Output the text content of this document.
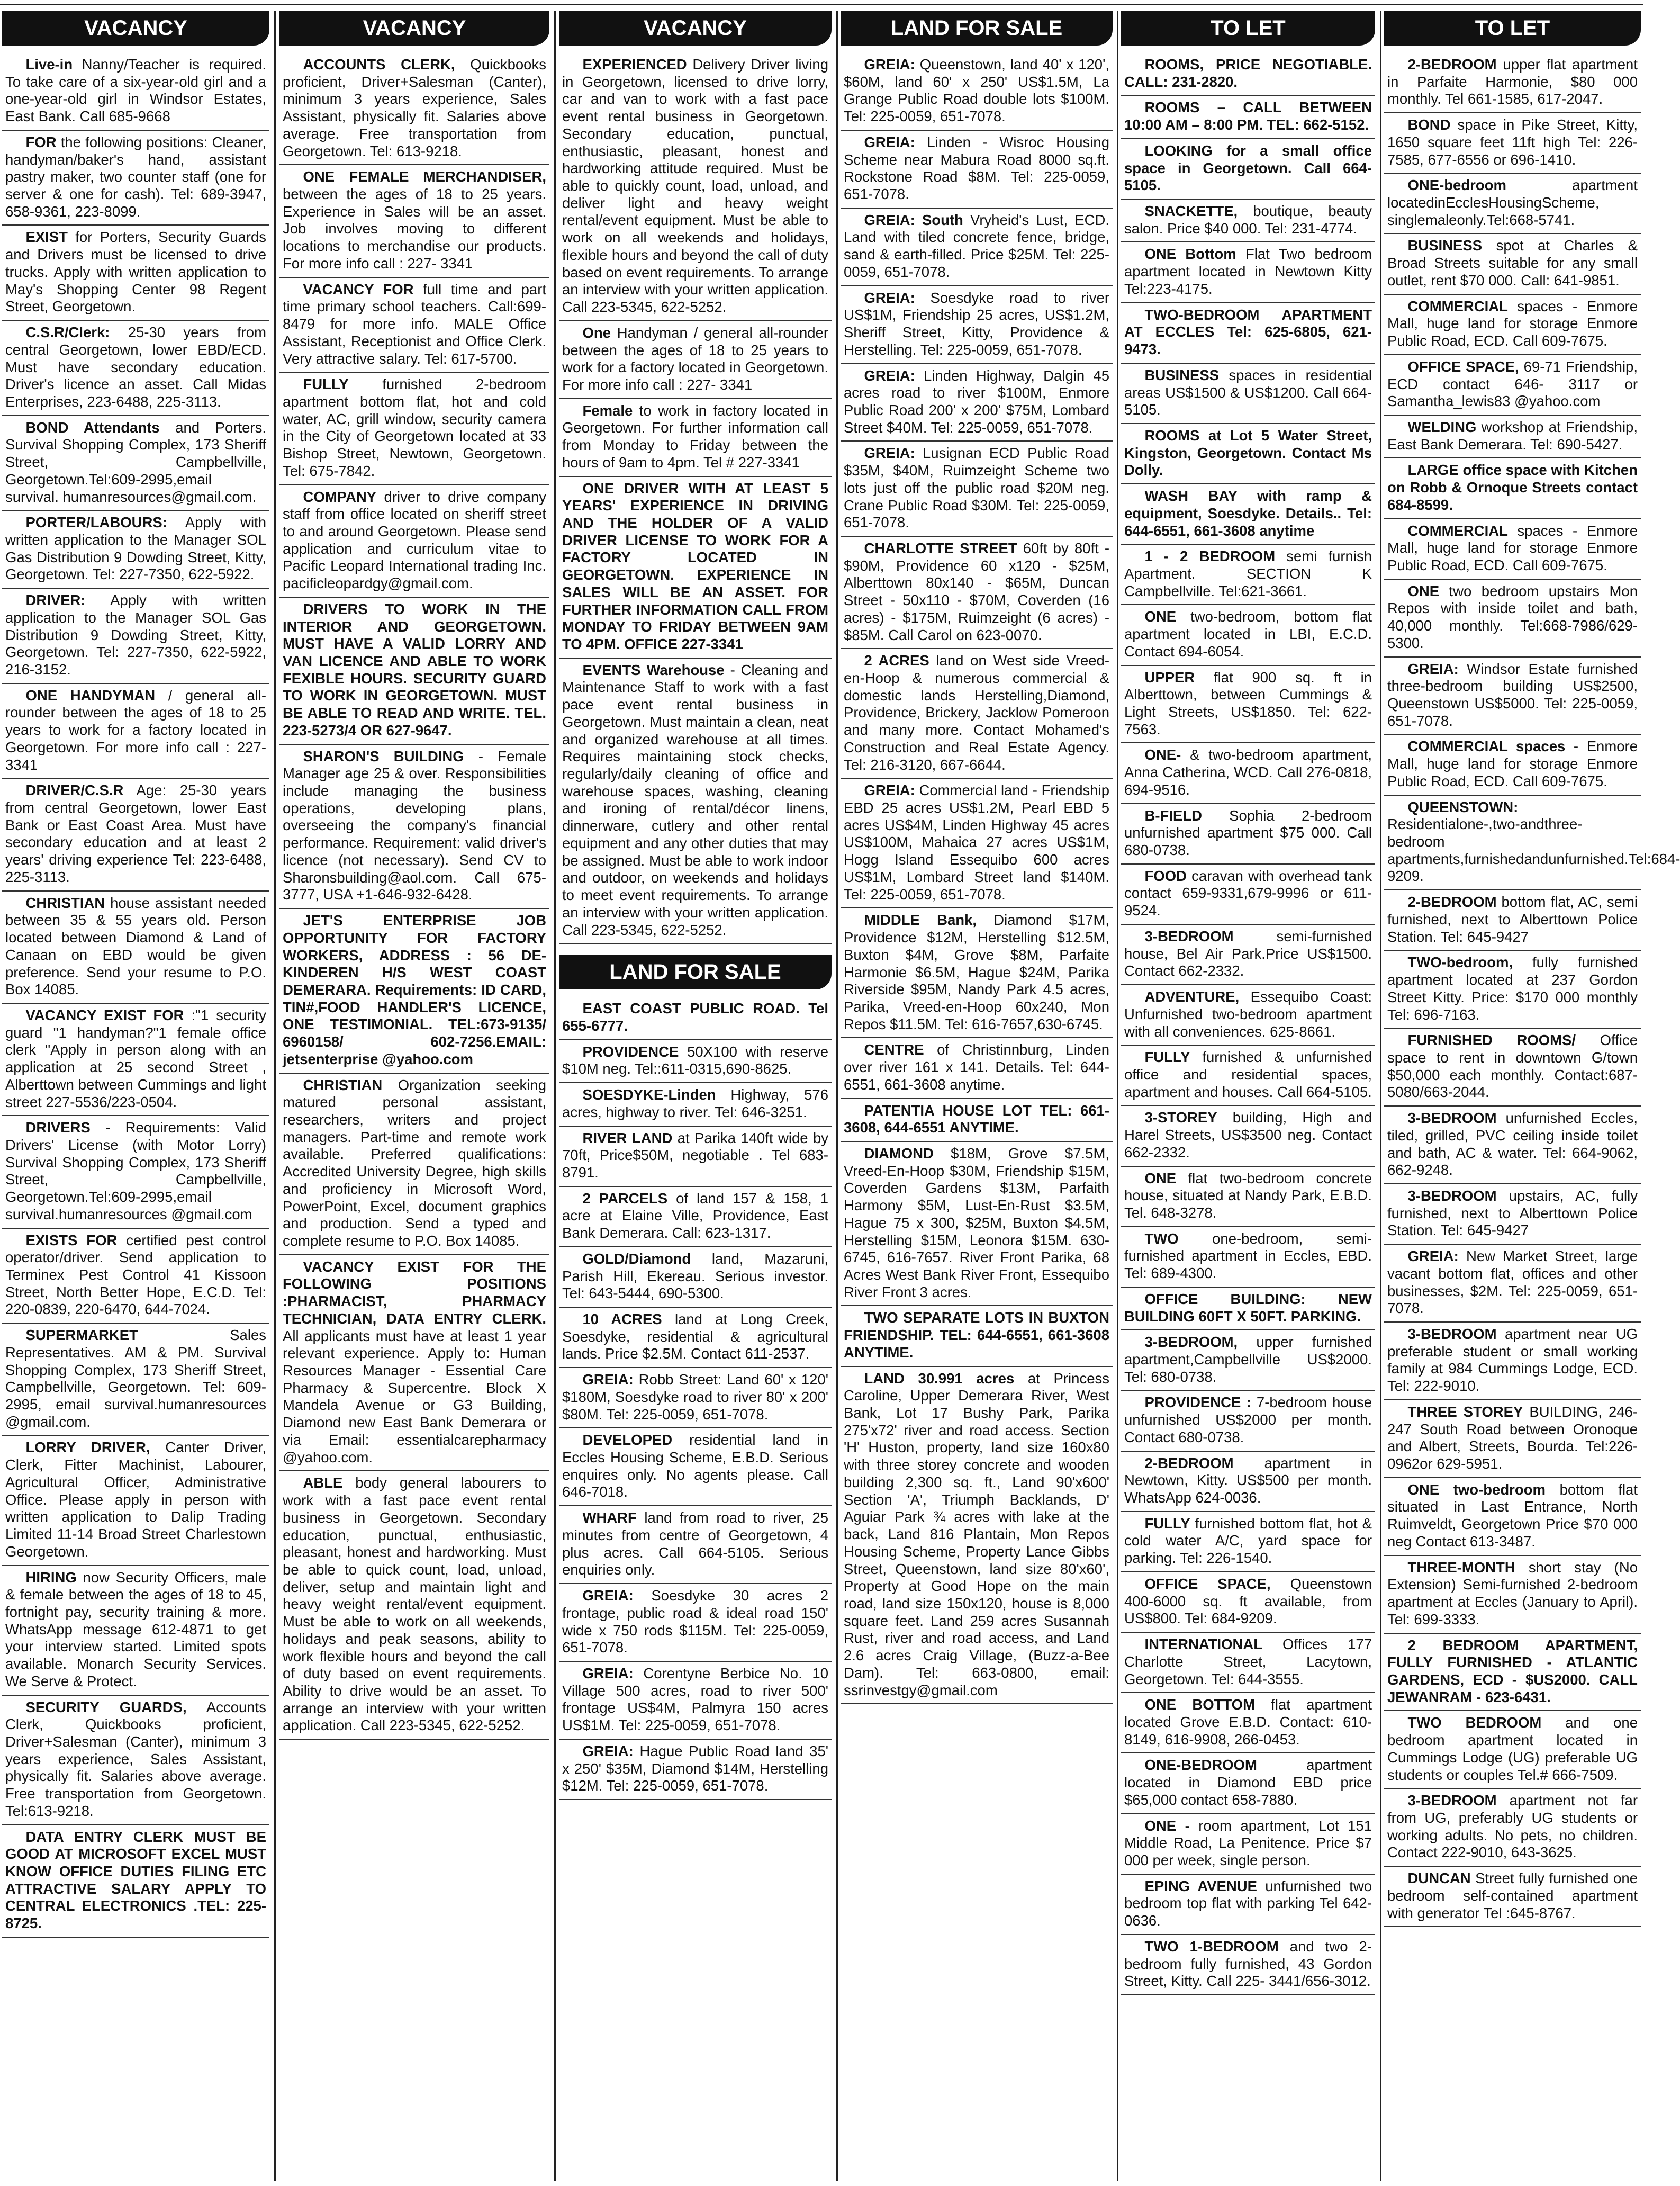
VACANCY
Live-in Nanny/Teacher is required. To take care of a six-year-old girl and a one-year-old girl in Windsor Estates, East Bank. Call 685-9668
FOR the following positions: Cleaner, handyman/baker's hand, assistant pastry maker, two counter staff (one for server & one for cash). Tel: 689-3947, 658-9361, 223-8099.
EXIST for Porters, Security Guards and Drivers must be licensed to drive trucks. Apply with written application to May's Shopping Center 98 Regent Street, Georgetown.
C.S.R/Clerk: 25-30 years from central Georgetown, lower EBD/ECD. Must have secondary education. Driver's licence an asset. Call Midas Enterprises, 223-6488, 225-3113.
BOND Attendants and Porters. Survival Shopping Complex, 173 Sheriff Street, Campbellville, Georgetown.Tel:609-2995,email survival. humanresources@gmail.com.
PORTER/LABOURS: Apply with written application to the Manager SOL Gas Distribution 9 Dowding Street, Kitty, Georgetown. Tel: 227-7350, 622-5922.
DRIVER: Apply with written application to the Manager SOL Gas Distribution 9 Dowding Street, Kitty, Georgetown. Tel: 227-7350, 622-5922, 216-3152.
ONE HANDYMAN / general all-rounder between the ages of 18 to 25 years to work for a factory located in Georgetown. For more info call : 227- 3341
DRIVER/C.S.R Age: 25-30 years from central Georgetown, lower East Bank or East Coast Area. Must have secondary education and at least 2 years' driving experience Tel: 223-6488, 225-3113.
CHRISTIAN house assistant needed between 35 & 55 years old. Person located between Diamond & Land of Canaan on EBD would be given preference. Send your resume to P.O. Box 14085.
VACANCY EXIST FOR :"1 security guard "1 handyman?"1 female office clerk "Apply in person along with an application at 25 second Street , Alberttown between Cummings and light street 227-5536/223-0504.
DRIVERS - Requirements: Valid Drivers' License (with Motor Lorry) Survival Shopping Complex, 173 Sheriff Street, Campbellville, Georgetown.Tel:609-2995,email survival.humanresources @gmail.com
EXISTS FOR certified pest control operator/driver. Send application to Terminex Pest Control 41 Kissoon Street, North Better Hope, E.C.D. Tel: 220-0839, 220-6470, 644-7024.
SUPERMARKET Sales Representatives. AM & PM. Survival Shopping Complex, 173 Sheriff Street, Campbellville, Georgetown. Tel: 609-2995, email survival.humanresources @gmail.com.
LORRY DRIVER, Canter Driver, Clerk, Fitter Machinist, Labourer, Agricultural Officer, Administrative Office. Please apply in person with written application to Dalip Trading Limited 11-14 Broad Street Charlestown Georgetown.
HIRING now Security Officers, male & female between the ages of 18 to 45, fortnight pay, security training & more. WhatsApp message 612-4871 to get your interview started. Limited spots available. Monarch Security Services. We Serve & Protect.
SECURITY GUARDS, Accounts Clerk, Quickbooks proficient, Driver+Salesman (Canter), minimum 3 years experience, Sales Assistant, physically fit. Salaries above average. Free transportation from Georgetown. Tel:613-9218.
DATA ENTRY CLERK MUST BE GOOD AT MICROSOFT EXCEL MUST KNOW OFFICE DUTIES FILING ETC ATTRACTIVE SALARY APPLY TO CENTRAL ELECTRONICS .TEL: 225-8725.
VACANCY
ACCOUNTS CLERK, Quickbooks proficient, Driver+Salesman (Canter), minimum 3 years experience, Sales Assistant, physically fit. Salaries above average. Free transportation from Georgetown. Tel: 613-9218.
ONE FEMALE MERCHANDISER, between the ages of 18 to 25 years. Experience in Sales will be an asset. Job involves moving to different locations to merchandise our products. For more info call : 227- 3341
VACANCY FOR full time and part time primary school teachers. Call:699-8479 for more info. MALE Office Assistant, Receptionist and Office Clerk. Very attractive salary. Tel: 617-5700.
FULLY furnished 2-bedroom apartment bottom flat, hot and cold water, AC, grill window, security camera in the City of Georgetown located at 33 Bishop Street, Newtown, Georgetown. Tel: 675-7842.
COMPANY driver to drive company staff from office located on sheriff street to and around Georgetown. Please send application and curriculum vitae to Pacific Leopard International trading Inc. pacificleopardgy@gmail.com.
DRIVERS TO WORK IN THE INTERIOR AND GEORGETOWN. MUST HAVE A VALID LORRY AND VAN LICENCE AND ABLE TO WORK FEXIBLE HOURS. SECURITY GUARD TO WORK IN GEORGETOWN. MUST BE ABLE TO READ AND WRITE. TEL. 223-5273/4 OR 627-9647.
SHARON'S BUILDING - Female Manager age 25 & over. Responsibilities include managing the business operations, developing plans, overseeing the company's financial performance. Requirement: valid driver's licence (not necessary). Send CV to Sharonsbuilding@aol.com. Call 675-3777, USA +1-646-932-6428.
JET'S ENTERPRISE JOB OPPORTUNITY FOR FACTORY WORKERS, ADDRESS : 56 DE-KINDEREN H/S WEST COAST DEMERARA. Requirements: ID CARD, TIN#,FOOD HANDLER'S LICENCE, ONE TESTIMONIAL. TEL:673-9135/ 6960158/ 602-7256.EMAIL: jetsenterprise @yahoo.com
CHRISTIAN Organization seeking matured personal assistant, researchers, writers and project managers. Part-time and remote work available. Preferred qualifications: Accredited University Degree, high skills and proficiency in Microsoft Word, PowerPoint, Excel, document graphics and production. Send a typed and complete resume to P.O. Box 14085.
VACANCY EXIST FOR THE FOLLOWING POSITIONS :PHARMACIST, PHARMACY TECHNICIAN, DATA ENTRY CLERK. All applicants must have at least 1 year relevant experience. Apply to: Human Resources Manager - Essential Care Pharmacy & Supercentre. Block X Mandela Avenue or G3 Building, Diamond new East Bank Demerara or via Email: essentialcarepharmacy @yahoo.com.
ABLE body general labourers to work with a fast pace event rental business in Georgetown. Secondary education, punctual, enthusiastic, pleasant, honest and hardworking. Must be able to quick count, load, unload, deliver, setup and maintain light and heavy weight rental/event equipment. Must be able to work on all weekends, holidays and peak seasons, ability to work flexible hours and beyond the call of duty based on event requirements. Ability to drive would be an asset. To arrange an interview with your written application. Call 223-5345, 622-5252.
VACANCY
EXPERIENCED Delivery Driver living in Georgetown, licensed to drive lorry, car and van to work with a fast pace event rental business in Georgetown. Secondary education, punctual, enthusiastic, pleasant, honest and hardworking attitude required. Must be able to quickly count, load, unload, and deliver light and heavy weight rental/event equipment. Must be able to work on all weekends and holidays, flexible hours and beyond the call of duty based on event requirements. To arrange an interview with your written application. Call 223-5345, 622-5252.
One Handyman / general all-rounder between the ages of 18 to 25 years to work for a factory located in Georgetown. For more info call : 227- 3341
Female to work in factory located in Georgetown. For further information call from Monday to Friday between the hours of 9am to 4pm. Tel # 227-3341
ONE DRIVER WITH AT LEAST 5 YEARS' EXPERIENCE IN DRIVING AND THE HOLDER OF A VALID DRIVER LICENSE TO WORK FOR A FACTORY LOCATED IN GEORGETOWN. EXPERIENCE IN SALES WILL BE AN ASSET. FOR FURTHER INFORMATION CALL FROM MONDAY TO FRIDAY BETWEEN 9AM TO 4PM. OFFICE 227-3341
EVENTS Warehouse - Cleaning and Maintenance Staff to work with a fast pace event rental business in Georgetown. Must maintain a clean, neat and organized warehouse at all times. Requires maintaining stock checks, regularly/daily cleaning of office and warehouse spaces, washing, cleaning and ironing of rental/décor linens, dinnerware, cutlery and other rental equipment and any other duties that may be assigned. Must be able to work indoor and outdoor, on weekends and holidays to meet event requirements. To arrange an interview with your written application. Call 223-5345, 622-5252.
LAND FOR SALE
EAST COAST PUBLIC ROAD. Tel 655-6777.
PROVIDENCE 50X100 with reserve $10M neg. Tel::611-0315,690-8625.
SOESDYKE-Linden Highway, 576 acres, highway to river. Tel: 646-3251.
RIVER LAND at Parika 140ft wide by 70ft, Price$50M, negotiable . Tel 683-8791.
2 PARCELS of land 157 & 158, 1 acre at Elaine Ville, Providence, East Bank Demerara. Call: 623-1317.
GOLD/Diamond land, Mazaruni, Parish Hill, Ekereau. Serious investor. Tel: 643-5444, 690-5300.
10 ACRES land at Long Creek, Soesdyke, residential & agricultural lands. Price $2.5M. Contact 611-2537.
GREIA: Robb Street: Land 60' x 120' $180M, Soesdyke road to river 80' x 200' $80M. Tel: 225-0059, 651-7078.
DEVELOPED residential land in Eccles Housing Scheme, E.B.D. Serious enquires only. No agents please. Call 646-7018.
WHARF land from road to river, 25 minutes from centre of Georgetown, 4 plus acres. Call 664-5105. Serious enquiries only.
GREIA: Soesdyke 30 acres 2 frontage, public road & ideal road 150' wide x 750 rods $115M. Tel: 225-0059, 651-7078.
GREIA: Corentyne Berbice No. 10 Village 500 acres, road to river 500' frontage US$4M, Palmyra 150 acres US$1M. Tel: 225-0059, 651-7078.
GREIA: Hague Public Road land 35' x 250' $35M, Diamond $14M, Herstelling $12M. Tel: 225-0059, 651-7078.
LAND FOR SALE
GREIA: Queenstown, land 40' x 120', $60M, land 60' x 250' US$1.5M, La Grange Public Road double lots $100M. Tel: 225-0059, 651-7078.
GREIA: Linden - Wisroc Housing Scheme near Mabura Road 8000 sq.ft. Rockstone Road $8M. Tel: 225-0059, 651-7078.
GREIA: South Vryheid's Lust, ECD. Land with tiled concrete fence, bridge, sand & earth-filled. Price $25M. Tel: 225-0059, 651-7078.
GREIA: Soesdyke road to river US$1M, Friendship 25 acres, US$1.2M, Sheriff Street, Kitty, Providence & Herstelling. Tel: 225-0059, 651-7078.
GREIA: Linden Highway, Dalgin 45 acres road to river $100M, Enmore Public Road 200' x 200' $75M, Lombard Street $40M. Tel: 225-0059, 651-7078.
GREIA: Lusignan ECD Public Road $35M, $40M, Ruimzeight Scheme two lots just off the public road $20M neg. Crane Public Road $30M. Tel: 225-0059, 651-7078.
CHARLOTTE STREET 60ft by 80ft - $90M, Providence 60 x120 - $25M, Alberttown 80x140 - $65M, Duncan Street - 50x110 - $70M, Coverden (16 acres) - $175M, Ruimzeight (6 acres) - $85M. Call Carol on 623-0070.
2 ACRES land on West side Vreed-en-Hoop & numerous commercial & domestic lands Herstelling,Diamond, Providence, Brickery, Jacklow Pomeroon and many more. Contact Mohamed's Construction and Real Estate Agency. Tel: 216-3120, 667-6644.
GREIA: Commercial land - Friendship EBD 25 acres US$1.2M, Pearl EBD 5 acres US$4M, Linden Highway 45 acres US$100M, Mahaica 27 acres US$1M, Hogg Island Essequibo 600 acres US$1M, Lombard Street land $140M. Tel: 225-0059, 651-7078.
MIDDLE Bank, Diamond $17M, Providence $12M, Herstelling $12.5M, Buxton $4M, Grove $8M, Parfaite Harmonie $6.5M, Hague $24M, Parika Riverside $95M, Nandy Park 4.5 acres, Parika, Vreed-en-Hoop 60x240, Mon Repos $11.5M. Tel: 616-7657,630-6745.
CENTRE of Christinnburg, Linden over river 161 x 141. Details. Tel: 644-6551, 661-3608 anytime.
PATENTIA HOUSE LOT TEL: 661-3608, 644-6551 ANYTIME.
DIAMOND $18M, Grove $7.5M, Vreed-En-Hoop $30M, Friendship $15M, Coverden Gardens $13M, Parfaith Harmony $5M, Lust-En-Rust $3.5M, Hague 75 x 300, $25M, Buxton $4.5M, Herstelling $15M, Leonora $15M. 630-6745, 616-7657. River Front Parika, 68 Acres West Bank River Front, Essequibo River Front 3 acres.
TWO SEPARATE LOTS IN BUXTON FRIENDSHIP. TEL: 644-6551, 661-3608 ANYTIME.
LAND 30.991 acres at Princess Caroline, Upper Demerara River, West Bank, Lot 17 Bushy Park, Parika 275'x72' river and road access. Section 'H' Huston, property, land size 160x80 with three storey concrete and wooden building 2,300 sq. ft., Land 90'x600' Section 'A', Triumph Backlands, D' Aguiar Park ¾ acres with lake at the back, Land 816 Plantain, Mon Repos Housing Scheme, Property Lance Gibbs Street, Queenstown, land size 80'x60', Property at Good Hope on the main road, land size 150x120, house is 8,000 square feet. Land 259 acres Susannah Rust, river and road access, and Land 2.6 acres Craig Village, (Buzz-a-Bee Dam). Tel: 663-0800, email: ssrinvestgy@gmail.com
TO LET
ROOMS, PRICE NEGOTIABLE. CALL: 231-2820.
ROOMS – CALL BETWEEN 10:00 AM – 8:00 PM. TEL: 662-5152.
LOOKING for a small office space in Georgetown. Call 664-5105.
SNACKETTE, boutique, beauty salon. Price $40 000. Tel: 231-4774.
ONE Bottom Flat Two bedroom apartment located in Newtown Kitty Tel:223-4175.
TWO-BEDROOM APARTMENT AT ECCLES Tel: 625-6805, 621-9473.
BUSINESS spaces in residential areas US$1500 & US$1200. Call 664-5105.
ROOMS at Lot 5 Water Street, Kingston, Georgetown. Contact Ms Dolly.
WASH BAY with ramp & equipment, Soesdyke. Details.. Tel: 644-6551, 661-3608 anytime
1 - 2 BEDROOM semi furnish Apartment. SECTION K Campbellville. Tel:621-3661.
ONE two-bedroom, bottom flat apartment located in LBI, E.C.D. Contact 694-6054.
UPPER flat 900 sq. ft in Alberttown, between Cummings & Light Streets, US$1850. Tel: 622-7563.
ONE- & two-bedroom apartment, Anna Catherina, WCD. Call 276-0818, 694-9516.
B-FIELD Sophia 2-bedroom unfurnished apartment $75 000. Call 680-0738.
FOOD caravan with overhead tank contact 659-9331,679-9996 or 611-9524.
3-BEDROOM semi-furnished house, Bel Air Park.Price US$1500. Contact 662-2332.
ADVENTURE, Essequibo Coast: Unfurnished two-bedroom apartment with all conveniences. 625-8661.
FULLY furnished & unfurnished office and residential spaces, apartment and houses. Call 664-5105.
3-STOREY building, High and Harel Streets, US$3500 neg. Contact 662-2332.
ONE flat two-bedroom concrete house, situated at Nandy Park, E.B.D. Tel. 648-3278.
TWO one-bedroom, semi-furnished apartment in Eccles, EBD. Tel: 689-4300.
OFFICE BUILDING: NEW BUILDING 60FT X 50FT. PARKING.
3-BEDROOM, upper furnished apartment,Campbellville US$2000. Tel: 680-0738.
PROVIDENCE : 7-bedroom house unfurnished US$2000 per month. Contact 680-0738.
2-BEDROOM apartment in Newtown, Kitty. US$500 per month. WhatsApp 624-0036.
FULLY furnished bottom flat, hot & cold water A/C, yard space for parking. Tel: 226-1540.
OFFICE SPACE, Queenstown 400-6000 sq. ft available, from US$800. Tel: 684-9209.
INTERNATIONAL Offices 177 Charlotte Street, Lacytown, Georgetown. Tel: 644-3555.
ONE BOTTOM flat apartment located Grove E.B.D. Contact: 610-8149, 616-9908, 266-0453.
ONE-BEDROOM apartment located in Diamond EBD price $65,000 contact 658-7880.
ONE - room apartment, Lot 151 Middle Road, La Penitence. Price $7 000 per week, single person.
EPING AVENUE unfurnished two bedroom top flat with parking Tel 642-0636.
TWO 1-BEDROOM and two 2-bedroom fully furnished, 43 Gordon Street, Kitty. Call 225- 3441/656-3012.
TO LET
2-BEDROOM upper flat apartment in Parfaite Harmonie, $80 000 monthly. Tel 661-1585, 617-2047.
BOND space in Pike Street, Kitty, 1650 square feet 11ft high Tel: 226-7585, 677-6556 or 696-1410.
ONE-bedroom apartment locatedinEcclesHousingScheme, singlemaleonly.Tel:668-5741.
BUSINESS spot at Charles & Broad Streets suitable for any small outlet, rent $70 000. Call: 641-9851.
COMMERCIAL spaces - Enmore Mall, huge land for storage Enmore Public Road, ECD. Call 609-7675.
OFFICE SPACE, 69-71 Friendship, ECD contact 646- 3117 or Samantha_lewis83 @yahoo.com
WELDING workshop at Friendship, East Bank Demerara. Tel: 690-5427.
LARGE office space with Kitchen on Robb & Ornoque Streets contact 684-8599.
COMMERCIAL spaces - Enmore Mall, huge land for storage Enmore Public Road, ECD. Call 609-7675.
ONE two bedroom upstairs Mon Repos with inside toilet and bath, 40,000 monthly. Tel:668-7986/629-5300.
GREIA: Windsor Estate furnished three-bedroom building US$2500, Queenstown US$5000. Tel: 225-0059, 651-7078.
COMMERCIAL spaces - Enmore Mall, huge land for storage Enmore Public Road, ECD. Call 609-7675.
QUEENSTOWN: Residentialone-,two-andthree-bedroom apartments,furnishedandunfurnished.Tel:684-9209.
2-BEDROOM bottom flat, AC, semi furnished, next to Alberttown Police Station. Tel: 645-9427
TWO-bedroom, fully furnished apartment located at 237 Gordon Street Kitty. Price: $170 000 monthly Tel: 696-7163.
FURNISHED ROOMS/ Office space to rent in downtown G/town $50,000 each monthly. Contact:687-5080/663-2044.
3-BEDROOM unfurnished Eccles, tiled, grilled, PVC ceiling inside toilet and bath, AC & water. Tel: 664-9062, 662-9248.
3-BEDROOM upstairs, AC, fully furnished, next to Alberttown Police Station. Tel: 645-9427
GREIA: New Market Street, large vacant bottom flat, offices and other businesses, $2M. Tel: 225-0059, 651-7078.
3-BEDROOM apartment near UG preferable student or small working family at 984 Cummings Lodge, ECD. Tel: 222-9010.
THREE STOREY BUILDING, 246-247 South Road between Oronoque and Albert, Streets, Bourda. Tel:226-0962or 629-5951.
ONE two-bedroom bottom flat situated in Last Entrance, North Ruimveldt, Georgetown Price $70 000 neg Contact 613-3487.
THREE-MONTH short stay (No Extension) Semi-furnished 2-bedroom apartment at Eccles (January to April). Tel: 699-3333.
2 BEDROOM APARTMENT, FULLY FURNISHED - ATLANTIC GARDENS, ECD - $US2000. CALL JEWANRAM - 623-6431.
TWO BEDROOM and one bedroom apartment located in Cummings Lodge (UG) preferable UG students or couples Tel.# 666-7509.
3-BEDROOM apartment not far from UG, preferably UG students or working adults. No pets, no children. Contact 222-9010, 643-3625.
DUNCAN Street fully furnished one bedroom self-contained apartment with generator Tel :645-8767.
